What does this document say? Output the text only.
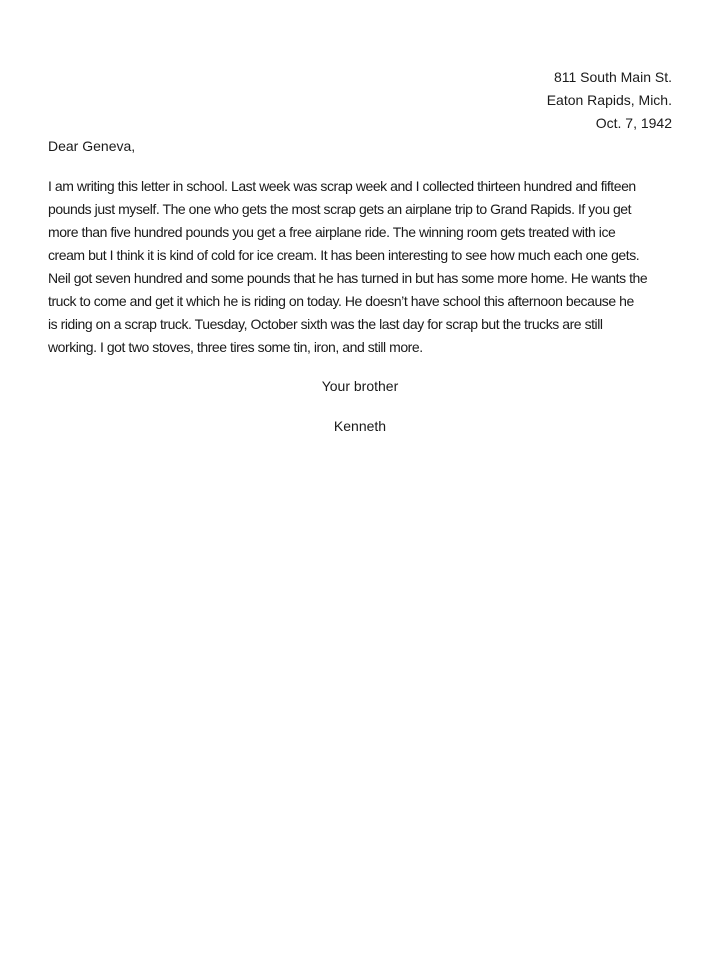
811 South Main St.
Eaton Rapids, Mich.
Oct. 7, 1942
Dear Geneva,
I am writing this letter in school. Last week was scrap week and I collected thirteen hundred and fifteen
pounds just myself. The one who gets the most scrap gets an airplane trip to Grand Rapids. If you get
more than five hundred pounds you get a free airplane ride. The winning room gets treated with ice
cream but I think it is kind of cold for ice cream. It has been interesting to see how much each one gets.
Neil got seven hundred and some pounds that he has turned in but has some more home. He wants the
truck to come and get it which he is riding on today. He doesn’t have school this afternoon because he
is riding on a scrap truck. Tuesday, October sixth was the last day for scrap but the trucks are still
working. I got two stoves, three tires some tin, iron, and still more.
Your brother
Kenneth
